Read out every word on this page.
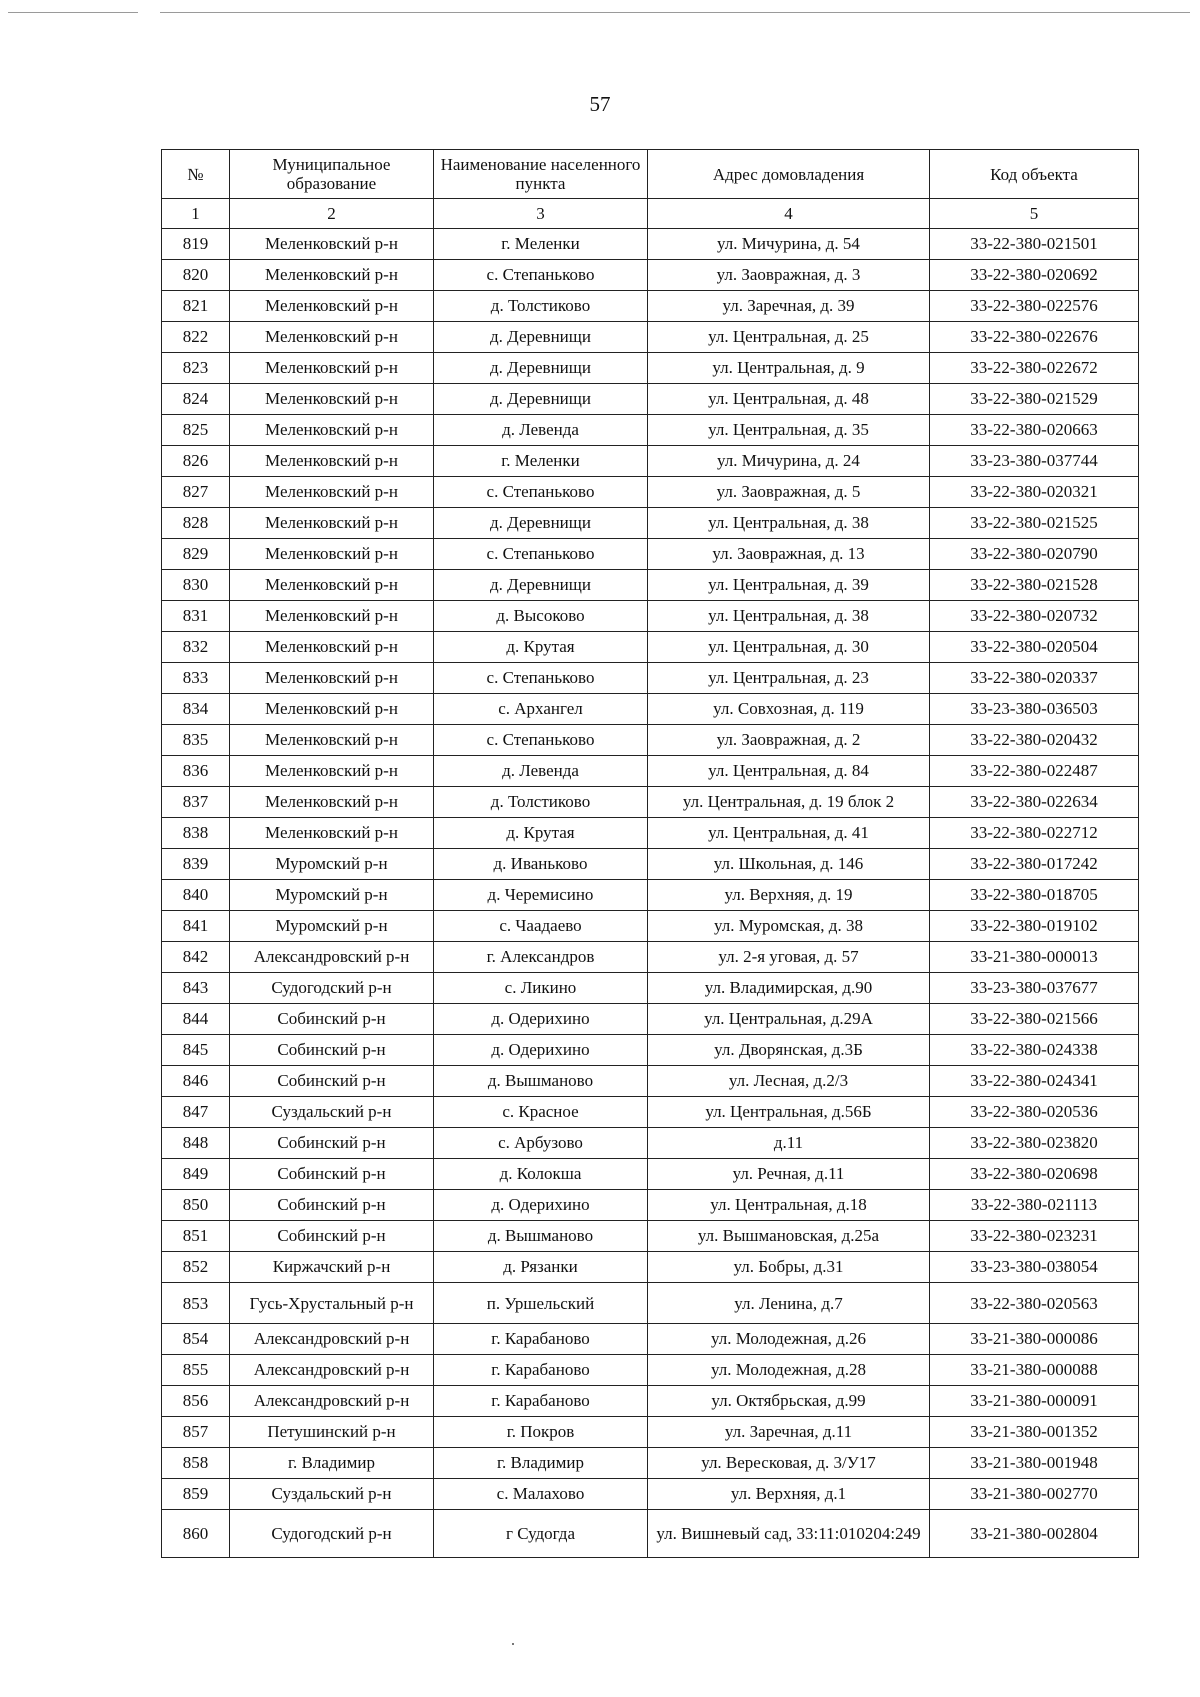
57
№	Муниципальное образование	Наименование населенного пункта	Адрес домовладения	Код объекта
1	2	3	4	5
819	Меленковский р-н	г. Меленки	ул. Мичурина, д. 54	33-22-380-021501
820	Меленковский р-н	с. Степаньково	ул. Заовражная, д. 3	33-22-380-020692
821	Меленковский р-н	д. Толстиково	ул. Заречная, д. 39	33-22-380-022576
822	Меленковский р-н	д. Деревнищи	ул. Центральная, д. 25	33-22-380-022676
823	Меленковский р-н	д. Деревнищи	ул. Центральная, д. 9	33-22-380-022672
824	Меленковский р-н	д. Деревнищи	ул. Центральная, д. 48	33-22-380-021529
825	Меленковский р-н	д. Левенда	ул. Центральная, д. 35	33-22-380-020663
826	Меленковский р-н	г. Меленки	ул. Мичурина, д. 24	33-23-380-037744
827	Меленковский р-н	с. Степаньково	ул. Заовражная, д. 5	33-22-380-020321
828	Меленковский р-н	д. Деревнищи	ул. Центральная, д. 38	33-22-380-021525
829	Меленковский р-н	с. Степаньково	ул. Заовражная, д. 13	33-22-380-020790
830	Меленковский р-н	д. Деревнищи	ул. Центральная, д. 39	33-22-380-021528
831	Меленковский р-н	д. Высоково	ул. Центральная, д. 38	33-22-380-020732
832	Меленковский р-н	д. Крутая	ул. Центральная, д. 30	33-22-380-020504
833	Меленковский р-н	с. Степаньково	ул. Центральная, д. 23	33-22-380-020337
834	Меленковский р-н	с. Архангел	ул. Совхозная, д. 119	33-23-380-036503
835	Меленковский р-н	с. Степаньково	ул. Заовражная, д. 2	33-22-380-020432
836	Меленковский р-н	д. Левенда	ул. Центральная, д. 84	33-22-380-022487
837	Меленковский р-н	д. Толстиково	ул. Центральная, д. 19 блок 2	33-22-380-022634
838	Меленковский р-н	д. Крутая	ул. Центральная, д. 41	33-22-380-022712
839	Муромский р-н	д. Иваньково	ул. Школьная, д. 146	33-22-380-017242
840	Муромский р-н	д. Черемисино	ул. Верхняя, д. 19	33-22-380-018705
841	Муромский р-н	с. Чаадаево	ул. Муромская, д. 38	33-22-380-019102
842	Александровский р-н	г. Александров	ул. 2-я уговая, д. 57	33-21-380-000013
843	Судогодский р-н	с. Ликино	ул. Владимирская, д.90	33-23-380-037677
844	Собинский р-н	д. Одерихино	ул. Центральная, д.29А	33-22-380-021566
845	Собинский р-н	д. Одерихино	ул. Дворянская, д.3Б	33-22-380-024338
846	Собинский р-н	д. Вышманово	ул. Лесная, д.2/3	33-22-380-024341
847	Суздальский р-н	с. Красное	ул. Центральная, д.56Б	33-22-380-020536
848	Собинский р-н	с. Арбузово	д.11	33-22-380-023820
849	Собинский р-н	д. Колокша	ул. Речная, д.11	33-22-380-020698
850	Собинский р-н	д. Одерихино	ул. Центральная, д.18	33-22-380-021113
851	Собинский р-н	д. Вышманово	ул. Вышмановская, д.25а	33-22-380-023231
852	Киржачский р-н	д. Рязанки	ул. Бобры, д.31	33-23-380-038054
853	Гусь-Хрустальный р-н	п. Уршельский	ул. Ленина, д.7	33-22-380-020563
854	Александровский р-н	г. Карабаново	ул. Молодежная, д.26	33-21-380-000086
855	Александровский р-н	г. Карабаново	ул. Молодежная, д.28	33-21-380-000088
856	Александровский р-н	г. Карабаново	ул. Октябрьская, д.99	33-21-380-000091
857	Петушинский р-н	г. Покров	ул. Заречная, д.11	33-21-380-001352
858	г. Владимир	г. Владимир	ул. Вересковая, д. 3/У17	33-21-380-001948
859	Суздальский р-н	с. Малахово	ул. Верхняя, д.1	33-21-380-002770
860	Судогодский р-н	г Судогда	ул. Вишневый сад, 33:11:010204:249	33-21-380-002804
